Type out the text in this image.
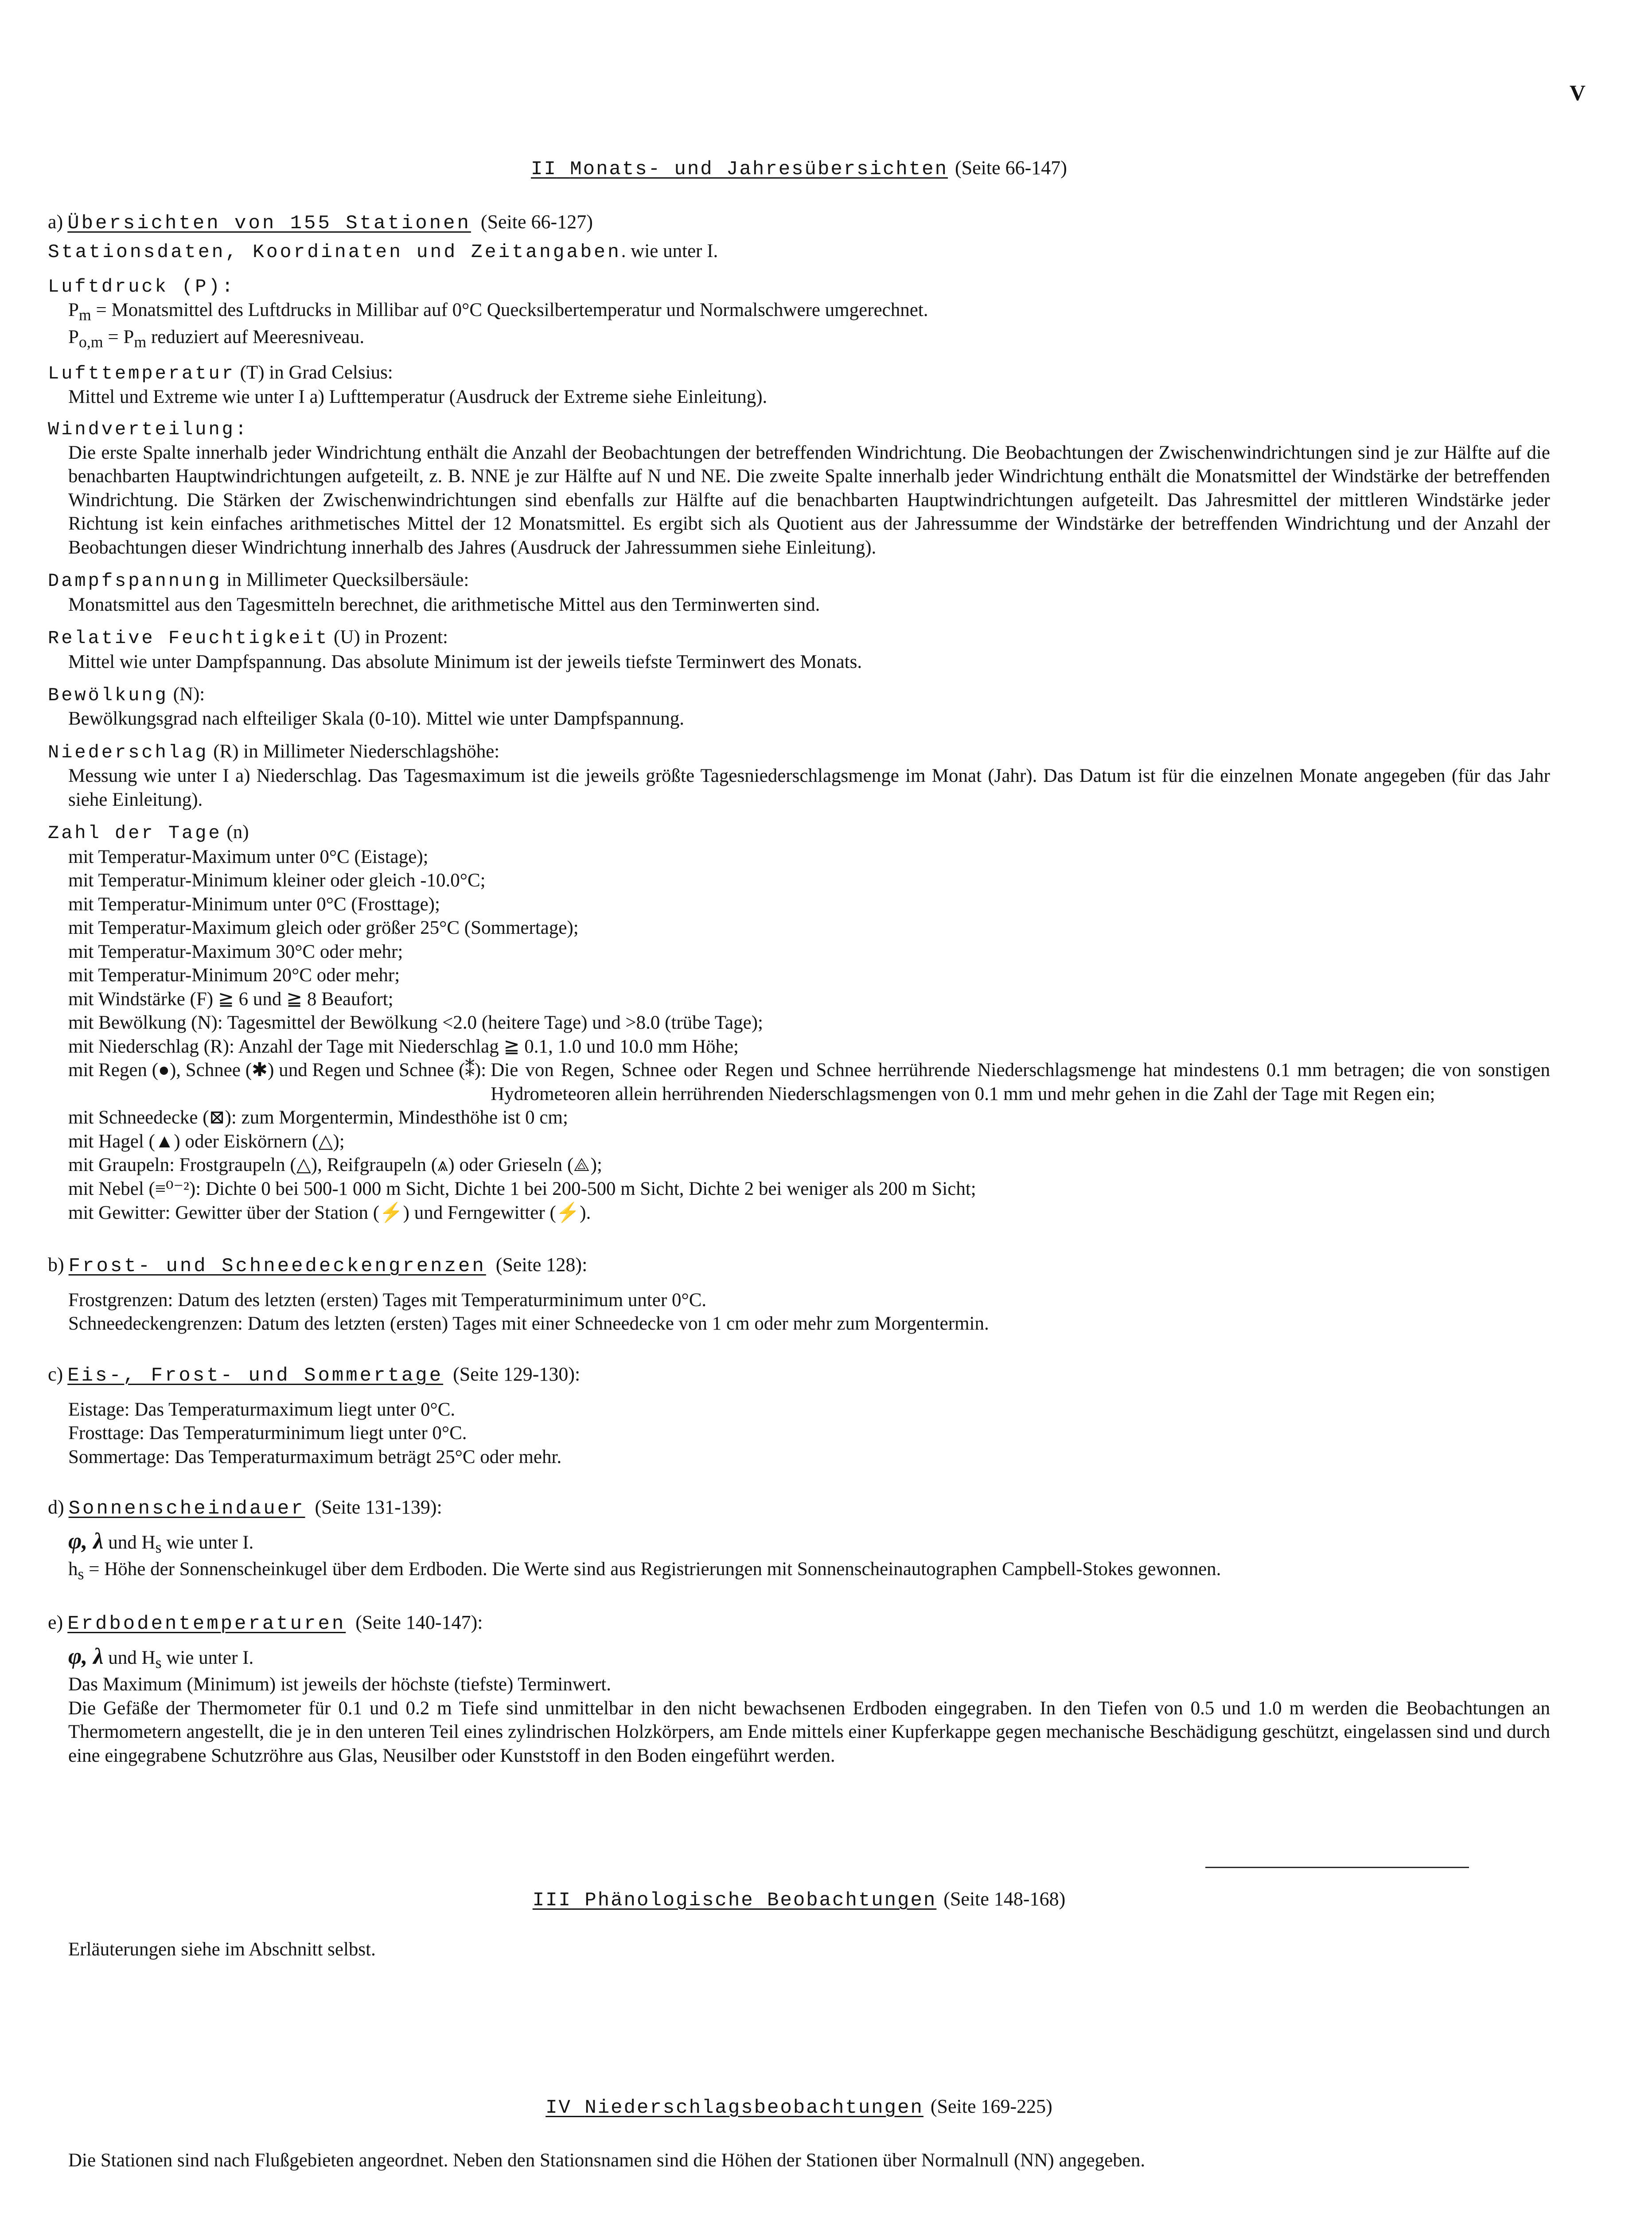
V
II Monats- und Jahresübersichten (Seite 66-147)
a) Übersichten von 155 Stationen (Seite 66-127)
Stationsdaten, Koordinaten und Zeitangaben. wie unter I.
Luftdruck (P):
$P_m$ = Monatsmittel des Luftdrucks in Millibar auf 0°C Quecksilbertemperatur und Normalschwere umgerechnet.
$P_{o,m} = P_m$ reduziert auf Meeresniveau.
Lufttemperatur (T) in Grad Celsius:
Mittel und Extreme wie unter I a) Lufttemperatur (Ausdruck der Extreme siehe Einleitung).
Windverteilung:
Die erste Spalte innerhalb jeder Windrichtung enthält die Anzahl der Beobachtungen der betreffenden Windrichtung. Die Beobachtungen der Zwischenwindrichtungen sind je zur Hälfte auf die benachbarten Hauptwindrichtungen aufgeteilt, z. B. NNE je zur Hälfte auf N und NE. Die zweite Spalte innerhalb jeder Windrichtung enthält die Monatsmittel der Windstärke der betreffenden Windrichtung. Die Stärken der Zwischenwindrichtungen sind ebenfalls zur Hälfte auf die benachbarten Hauptwindrichtungen aufgeteilt. Das Jahresmittel der mittleren Windstärke jeder Richtung ist kein einfaches arithmetisches Mittel der 12 Monatsmittel. Es ergibt sich als Quotient aus der Jahressumme der Windstärke der betreffenden Windrichtung und der Anzahl der Beobachtungen dieser Windrichtung innerhalb des Jahres (Ausdruck der Jahressummen siehe Einleitung).
Dampfspannung in Millimeter Quecksilbersäule:
Monatsmittel aus den Tagesmitteln berechnet, die arithmetische Mittel aus den Terminwerten sind.
Relative Feuchtigkeit (U) in Prozent:
Mittel wie unter Dampfspannung. Das absolute Minimum ist der jeweils tiefste Terminwert des Monats.
Bewölkung (N):
Bewölkungsgrad nach elfteiliger Skala (0-10). Mittel wie unter Dampfspannung.
Niederschlag (R) in Millimeter Niederschlagshöhe:
Messung wie unter I a) Niederschlag. Das Tagesmaximum ist die jeweils größte Tagesniederschlagsmenge im Monat (Jahr). Das Datum ist für die einzelnen Monate angegeben (für das Jahr siehe Einleitung).
Zahl der Tage (n)
mit Temperatur-Maximum unter 0°C (Eistage);
mit Temperatur-Minimum kleiner oder gleich -10.0°C;
mit Temperatur-Minimum unter 0°C (Frosttage);
mit Temperatur-Maximum gleich oder größer 25°C (Sommertage);
mit Temperatur-Maximum 30°C oder mehr;
mit Temperatur-Minimum 20°C oder mehr;
mit Windstärke (F) ≧ 6 und ≧ 8 Beaufort;
mit Bewölkung (N): Tagesmittel der Bewölkung <2.0 (heitere Tage) und >8.0 (trübe Tage);
mit Niederschlag (R): Anzahl der Tage mit Niederschlag ≧ 0.1, 1.0 und 10.0 mm Höhe;
mit Regen (●), Schnee (✱) und Regen und Schnee (⁑): Die von Regen, Schnee oder Regen und Schnee herrührende Niederschlagsmenge hat mindestens 0.1 mm betragen; die von sonstigen Hydrometeoren allein herrührenden Niederschlagsmengen von 0.1 mm und mehr gehen in die Zahl der Tage mit Regen ein;
mit Schneedecke (⊠): zum Morgentermin, Mindesthöhe ist 0 cm;
mit Hagel (▲) oder Eiskörnern (△);
mit Graupeln: Frostgraupeln (△), Reifgraupeln (⩓) oder Grieseln (⟁);
mit Nebel (≡⁰⁻²): Dichte 0 bei 500-1 000 m Sicht, Dichte 1 bei 200-500 m Sicht, Dichte 2 bei weniger als 200 m Sicht;
mit Gewitter: Gewitter über der Station (⚡) und Ferngewitter (⚡).
b) Frost- und Schneedeckengrenzen (Seite 128):
Frostgrenzen: Datum des letzten (ersten) Tages mit Temperaturminimum unter 0°C.
Schneedeckengrenzen: Datum des letzten (ersten) Tages mit einer Schneedecke von 1 cm oder mehr zum Morgentermin.
c) Eis-, Frost- und Sommertage (Seite 129-130):
Eistage: Das Temperaturmaximum liegt unter 0°C.
Frosttage: Das Temperaturminimum liegt unter 0°C.
Sommertage: Das Temperaturmaximum beträgt 25°C oder mehr.
d) Sonnenscheindauer (Seite 131-139):
φ, λ und $H_s$ wie unter I.
$h_s$ = Höhe der Sonnenscheinkugel über dem Erdboden. Die Werte sind aus Registrierungen mit Sonnenscheinautographen Campbell-Stokes gewonnen.
e) Erdbodentemperaturen (Seite 140-147):
φ, λ und $H_s$ wie unter I.
Das Maximum (Minimum) ist jeweils der höchste (tiefste) Terminwert.
Die Gefäße der Thermometer für 0.1 und 0.2 m Tiefe sind unmittelbar in den nicht bewachsenen Erdboden eingegraben. In den Tiefen von 0.5 und 1.0 m werden die Beobachtungen an Thermometern angestellt, die je in den unteren Teil eines zylindrischen Holzkörpers, am Ende mittels einer Kupferkappe gegen mechanische Beschädigung geschützt, eingelassen sind und durch eine eingegrabene Schutzröhre aus Glas, Neusilber oder Kunststoff in den Boden eingeführt werden.
III Phänologische Beobachtungen (Seite 148-168)
Erläuterungen siehe im Abschnitt selbst.
IV Niederschlagsbeobachtungen (Seite 169-225)
Die Stationen sind nach Flußgebieten angeordnet. Neben den Stationsnamen sind die Höhen der Stationen über Normalnull (NN) angegeben.
